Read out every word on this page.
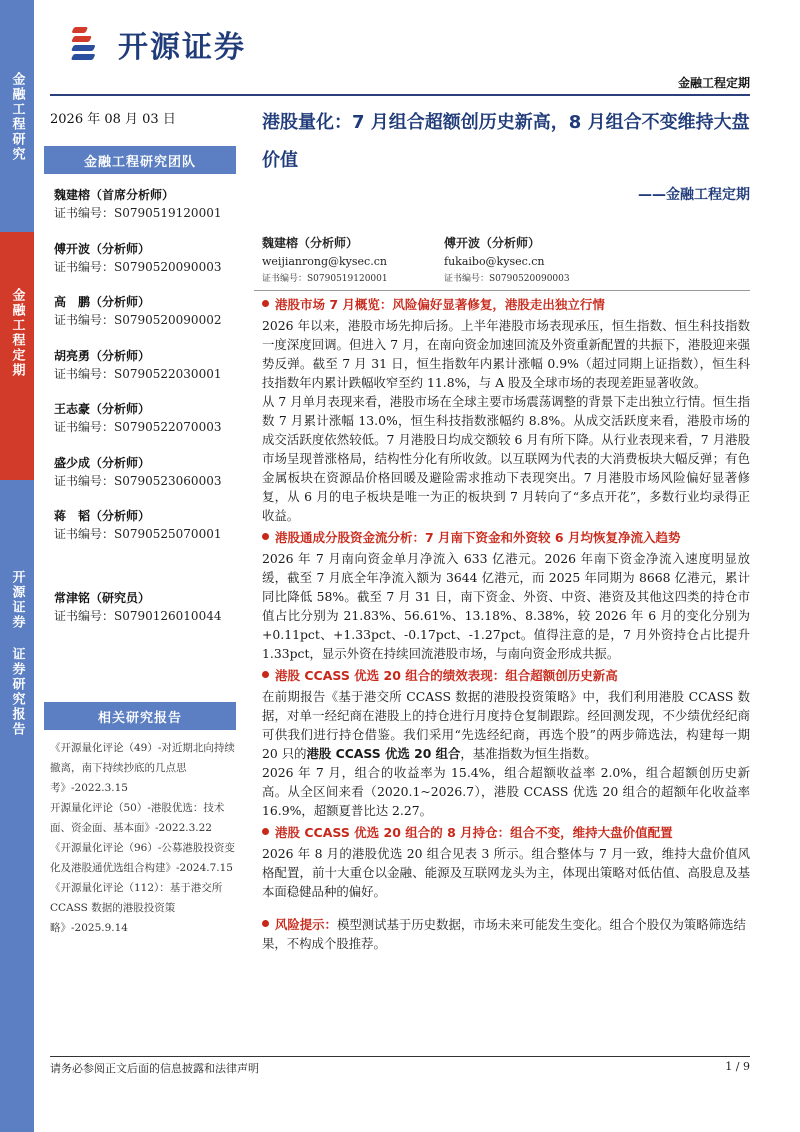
金融工程研究
金融工程定期
开源证券 证券研究报告
开源证券
金融工程定期
2026 年 08 月 03 日
金融工程研究团队
魏建榕（首席分析师）
证书编号：S0790519120001
傅开波（分析师）
证书编号：S0790520090003
高　鹏（分析师）
证书编号：S0790520090002
胡亮勇（分析师）
证书编号：S0790522030001
王志豪（分析师）
证书编号：S0790522070003
盛少成（分析师）
证书编号：S0790523060003
蒋　韬（分析师）
证书编号：S0790525070001
常津铭（研究员）
证书编号：S0790126010044
相关研究报告
《开源量化评论（49）-对近期北向持续撤离，南下持续抄底的几点思考》-2022.3.15
开源量化评论（50）-港股优选：技术面、资金面、基本面》-2022.3.22
《开源量化评论（96）-公募港股投资变化及港股通优选组合构建》-2024.7.15
《开源量化评论（112）：基于港交所CCASS 数据的港股投资策略》-2025.9.14
港股量化：7 月组合超额创历史新高，8 月组合不变维持大盘价值
——金融工程定期
魏建榕（分析师）
weijianrong@kysec.cn
证书编号：S0790519120001
傅开波（分析师）
fukaibo@kysec.cn
证书编号：S0790520090003
港股市场 7 月概览：风险偏好显著修复，港股走出独立行情
2026 年以来，港股市场先抑后扬。上半年港股市场表现承压，恒生指数、恒生科技指数一度深度回调。但进入 7 月，在南向资金加速回流及外资重新配置的共振下，港股迎来强势反弹。截至 7 月 31 日，恒生指数年内累计涨幅 0.9%（超过同期上证指数），恒生科技指数年内累计跌幅收窄至约 11.8%，与 A 股及全球市场的表现差距显著收敛。
从 7 月单月表现来看，港股市场在全球主要市场震荡调整的背景下走出独立行情。恒生指数 7 月累计涨幅 13.0%，恒生科技指数涨幅约 8.8%。从成交活跃度来看，港股市场的成交活跃度依然较低。7 月港股日均成交额较 6 月有所下降。从行业表现来看，7 月港股市场呈现普涨格局，结构性分化有所收敛。以互联网为代表的大消费板块大幅反弹；有色金属板块在资源品价格回暖及避险需求推动下表现突出。7 月港股市场风险偏好显著修复，从 6 月的电子板块是唯一为正的板块到 7 月转向了“多点开花”，多数行业均录得正收益。
港股通成分股资金流分析：7 月南下资金和外资较 6 月均恢复净流入趋势
2026 年 7 月南向资金单月净流入 633 亿港元。2026 年南下资金净流入速度明显放缓，截至 7 月底全年净流入额为 3644 亿港元，而 2025 年同期为 8668 亿港元，累计同比降低 58%。截至 7 月 31 日，南下资金、外资、中资、港资及其他这四类的持仓市值占比分别为 21.83%、56.61%、13.18%、8.38%，较 2026 年 6 月的变化分别为+0.11pct、+1.33pct、-0.17pct、-1.27pct。值得注意的是，7 月外资持仓占比提升 1.33pct，显示外资在持续回流港股市场，与南向资金形成共振。
港股 CCASS 优选 20 组合的绩效表现：组合超额创历史新高
在前期报告《基于港交所 CCASS 数据的港股投资策略》中，我们利用港股 CCASS 数据，对单一经纪商在港股上的持仓进行月度持仓复制跟踪。经回测发现，不少绩优经纪商可供我们进行持仓借鉴。我们采用“先选经纪商，再选个股”的两步筛选法，构建每一期 20 只的港股 CCASS 优选 20 组合，基准指数为恒生指数。
2026 年 7 月，组合的收益率为 15.4%，组合超额收益率 2.0%，组合超额创历史新高。从全区间来看（2020.1~2026.7），港股 CCASS 优选 20 组合的超额年化收益率 16.9%，超额夏普比达 2.27。
港股 CCASS 优选 20 组合的 8 月持仓：组合不变，维持大盘价值配置
2026 年 8 月的港股优选 20 组合见表 3 所示。组合整体与 7 月一致，维持大盘价值风格配置，前十大重仓以金融、能源及互联网龙头为主，体现出策略对低估值、高股息及基本面稳健品种的偏好。
风险提示：模型测试基于历史数据，市场未来可能发生变化。组合个股仅为策略筛选结果，不构成个股推荐。
请务必参阅正文后面的信息披露和法律声明	1 / 9
